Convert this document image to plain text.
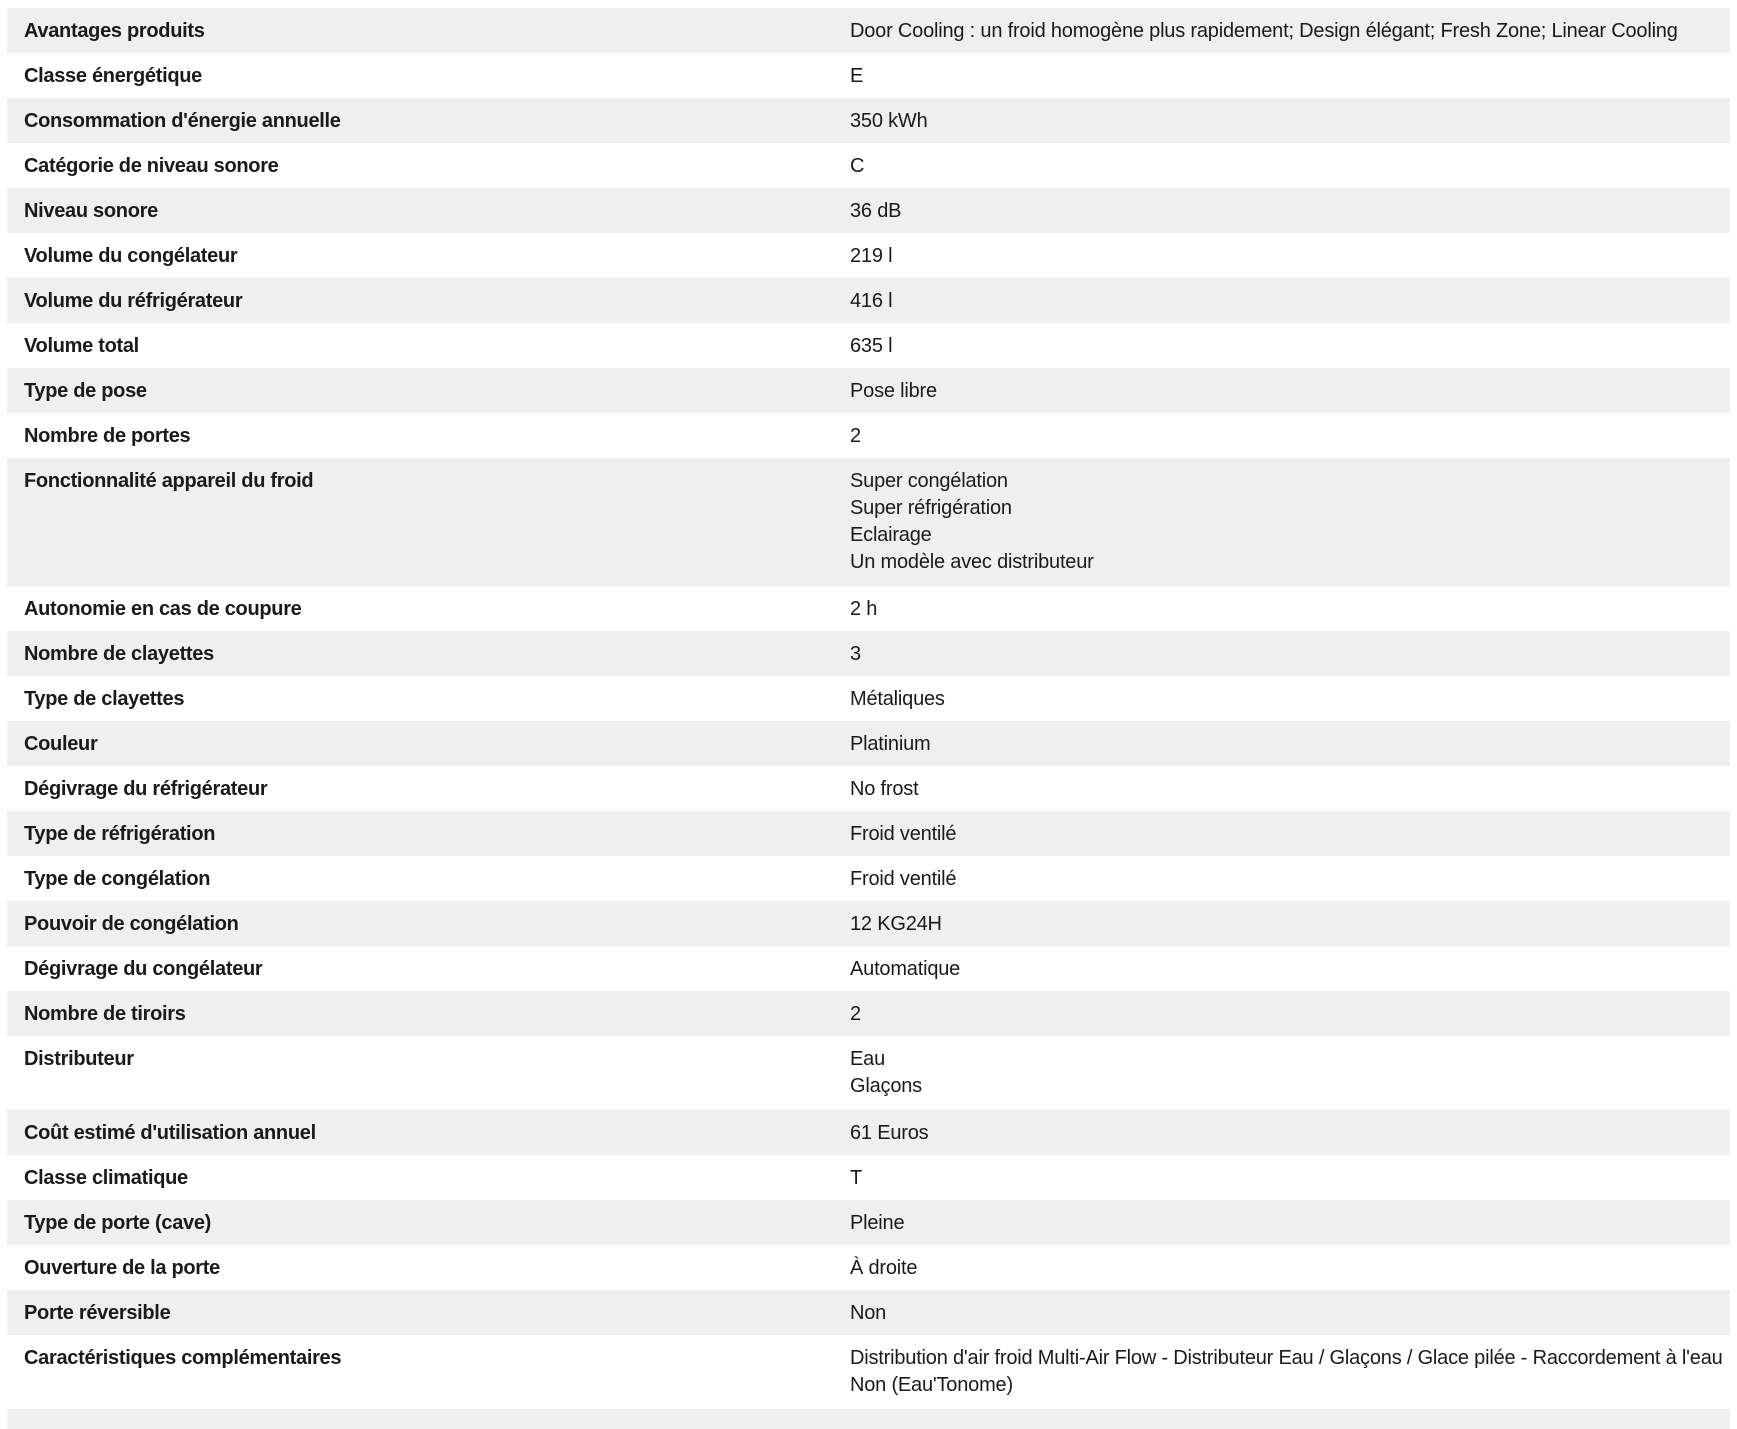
Avantages produits	Door Cooling : un froid homogène plus rapidement; Design élégant; Fresh Zone; Linear Cooling
Classe énergétique	E
Consommation d'énergie annuelle	350 kWh
Catégorie de niveau sonore	C
Niveau sonore	36 dB
Volume du congélateur	219 l
Volume du réfrigérateur	416 l
Volume total	635 l
Type de pose	Pose libre
Nombre de portes	2
Fonctionnalité appareil du froid	Super congélation
Super réfrigération
Eclairage
Un modèle avec distributeur
Autonomie en cas de coupure	2 h
Nombre de clayettes	3
Type de clayettes	Métaliques
Couleur	Platinium
Dégivrage du réfrigérateur	No frost
Type de réfrigération	Froid ventilé
Type de congélation	Froid ventilé
Pouvoir de congélation	12 KG24H
Dégivrage du congélateur	Automatique
Nombre de tiroirs	2
Distributeur	Eau
Glaçons
Coût estimé d'utilisation annuel	61 Euros
Classe climatique	T
Type de porte (cave)	Pleine
Ouverture de la porte	À droite
Porte réversible	Non
Caractéristiques complémentaires	Distribution d'air froid Multi-Air Flow - Distributeur Eau / Glaçons / Glace pilée - Raccordement à l'eau Non (Eau'Tonome)
